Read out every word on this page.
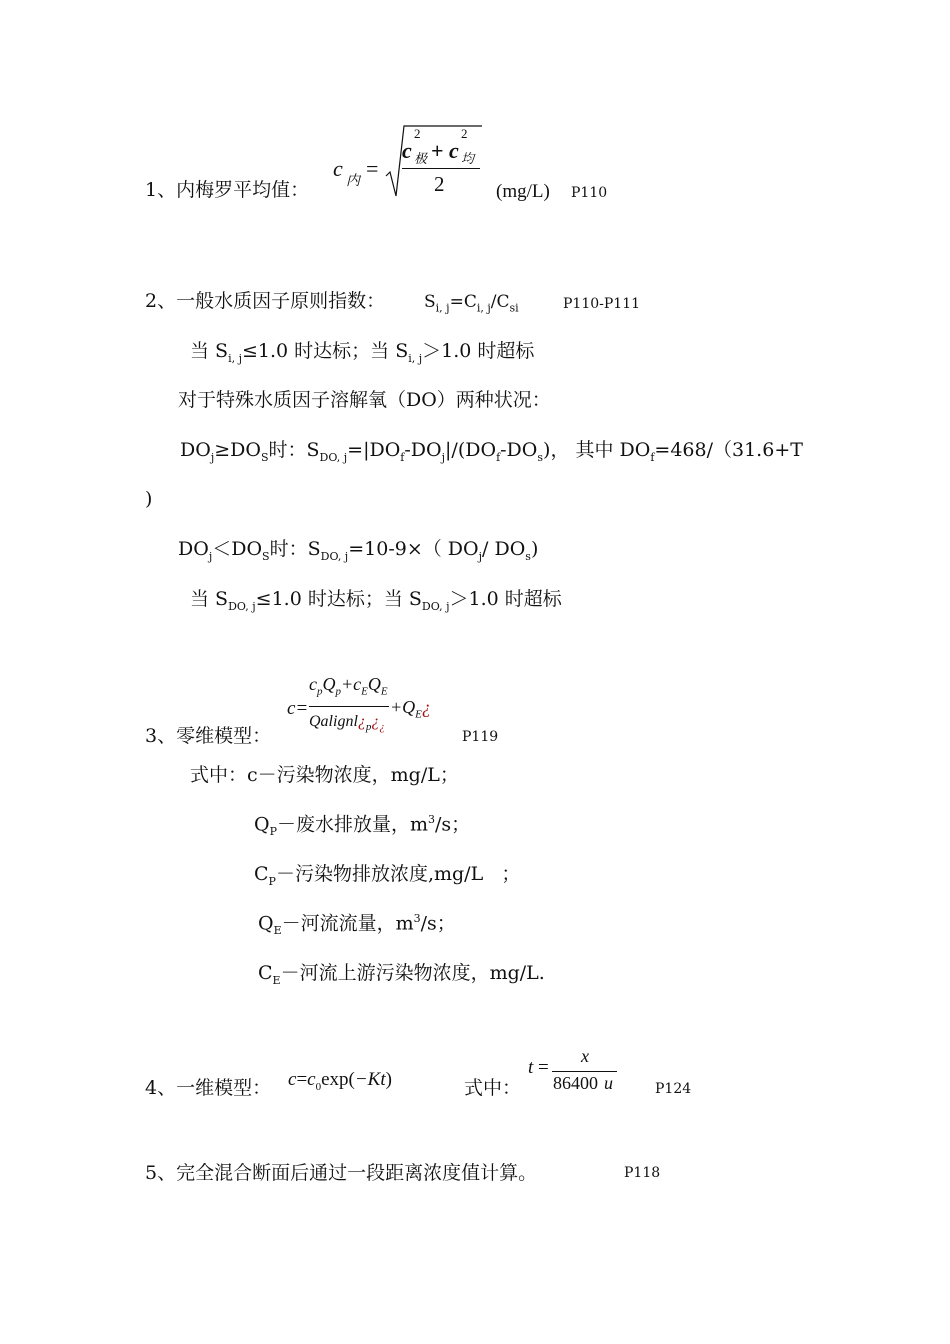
1、内梅罗平均值：
c
内
=
c
2
极 + c
2
均
2	(mg/L) P110
2、一般水质因子原则指数： $S_{i, j}=C_{i, j}/C_{si}$	P110-P111
当 $S_{i, j}\le 1.0$ 时达标；当 $S_{i, j}>1.0$ 时超标
对于特殊水质因子溶解氧（DO）两种状况：
$DO_j\ge DO_S$时：$S_{DO, j}=|DO_f-DO_j|/(DO_f-DO_s)$， 其中 $DO_f=468/(31.6+T$
)
$DO_j<DO_S$时：$S_{DO, j}=10-9\times$（ $DO_j/$ $DO_s$)
当 $S_{DO, j}\le 1.0$ 时达标；当 $S_{DO, j}>1.0$ 时超标
3、零维模型：
c=
$c_pQ_p+c_EQ_E$
$Qalignl¿_p¿_¿$
$+Q_E¿$
P119
式中：c－污染物浓度，mg/L；
$Q_P-$废水排放量，$m^3/s$；
$C_P-$污染物排放浓度,mg/L   ；
$Q_E-$河流流量，$m^3/s$；
$C_E-$河流上游污染物浓度，mg/L.
4、一维模型： $c=c_0\exp(-Kt)$	式中：
t =
x
86400 u	P124
5、完全混合断面后通过一段距离浓度值计算。	P118
